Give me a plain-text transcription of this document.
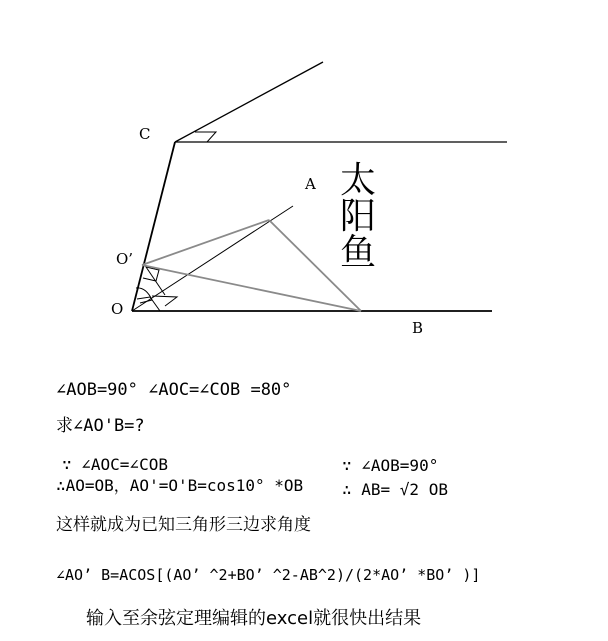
C
A
O’
O
B
太
阳
鱼
∠AOB=90° ∠AOC=∠COB =80°
求∠AO'B=?
∵ ∠AOC=∠COB
∴AO=OB，AO'=O'B=cos10° *OB
∵ ∠AOB=90°
∴ AB= √2 OB
这样就成为已知三角形三边求角度
∠AO’ B=ACOS[(AO’ ^2+BO’ ^2-AB^2)/(2*AO’ *BO’ )]
输入至余弦定理编辑的excel就很快出结果
